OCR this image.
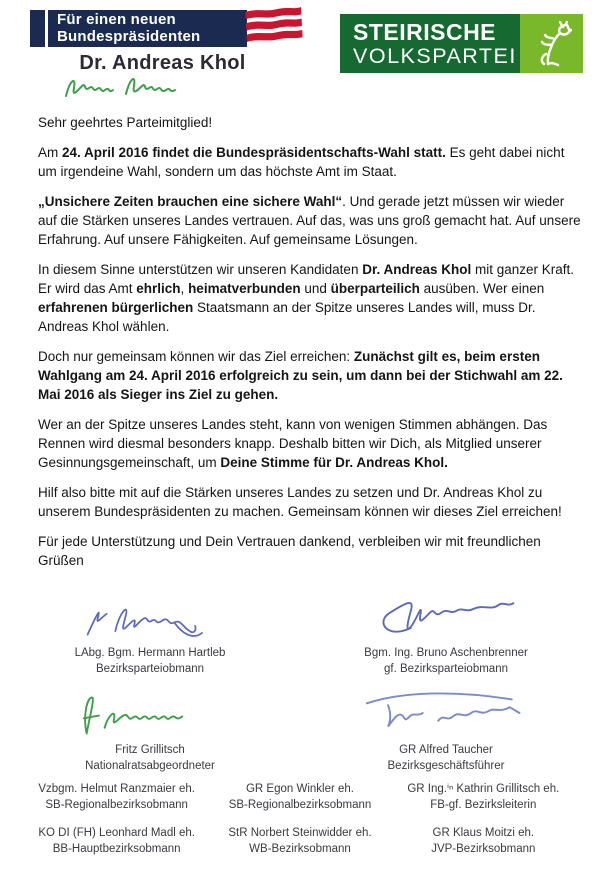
Für einen neuen
Bundespräsidenten
Dr. Andreas Khol
STEIRISCHE
VOLKSPARTEI

Sehr geehrtes Parteimitglied!

Am 24. April 2016 findet die Bundespräsidentschafts-Wahl statt. Es geht dabei nicht um irgendeine Wahl, sondern um das höchste Amt im Staat.

„Unsichere Zeiten brauchen eine sichere Wahl“. Und gerade jetzt müssen wir wieder auf die Stärken unseres Landes vertrauen. Auf das, was uns groß gemacht hat. Auf unsere Erfahrung. Auf unsere Fähigkeiten. Auf gemeinsame Lösungen.

In diesem Sinne unterstützen wir unseren Kandidaten Dr. Andreas Khol mit ganzer Kraft. Er wird das Amt ehrlich, heimatverbunden und überparteilich ausüben. Wer einen erfahrenen bürgerlichen Staatsmann an der Spitze unseres Landes will, muss Dr. Andreas Khol wählen.

Doch nur gemeinsam können wir das Ziel erreichen: Zunächst gilt es, beim ersten Wahlgang am 24. April 2016 erfolgreich zu sein, um dann bei der Stichwahl am 22. Mai 2016 als Sieger ins Ziel zu gehen.

Wer an der Spitze unseres Landes steht, kann von wenigen Stimmen abhängen. Das Rennen wird diesmal besonders knapp. Deshalb bitten wir Dich, als Mitglied unserer Gesinnungsgemeinschaft, um Deine Stimme für Dr. Andreas Khol.

Hilf also bitte mit auf die Stärken unseres Landes zu setzen und Dr. Andreas Khol zu unserem Bundespräsidenten zu machen. Gemeinsam können wir dieses Ziel erreichen!

Für jede Unterstützung und Dein Vertrauen dankend, verbleiben wir mit freundlichen Grüßen

LAbg. Bgm. Hermann Hartleb
Bezirksparteiobmann
Bgm. Ing. Bruno Aschenbrenner
gf. Bezirksparteiobmann
Fritz Grillitsch
Nationalratsabgeordneter
GR Alfred Taucher
Bezirksgeschäftsführer
Vzbgm. Helmut Ranzmaier eh.
SB-Regionalbezirksobmann
GR Egon Winkler eh.
SB-Regionalbezirksobmann
GR Ing.ⁱⁿ Kathrin Grillitsch eh.
FB-gf. Bezirksleiterin
KO DI (FH) Leonhard Madl eh.
BB-Hauptbezirksobmann
StR Norbert Steinwidder eh.
WB-Bezirksobmann
GR Klaus Moitzi eh.
JVP-Bezirksobmann
